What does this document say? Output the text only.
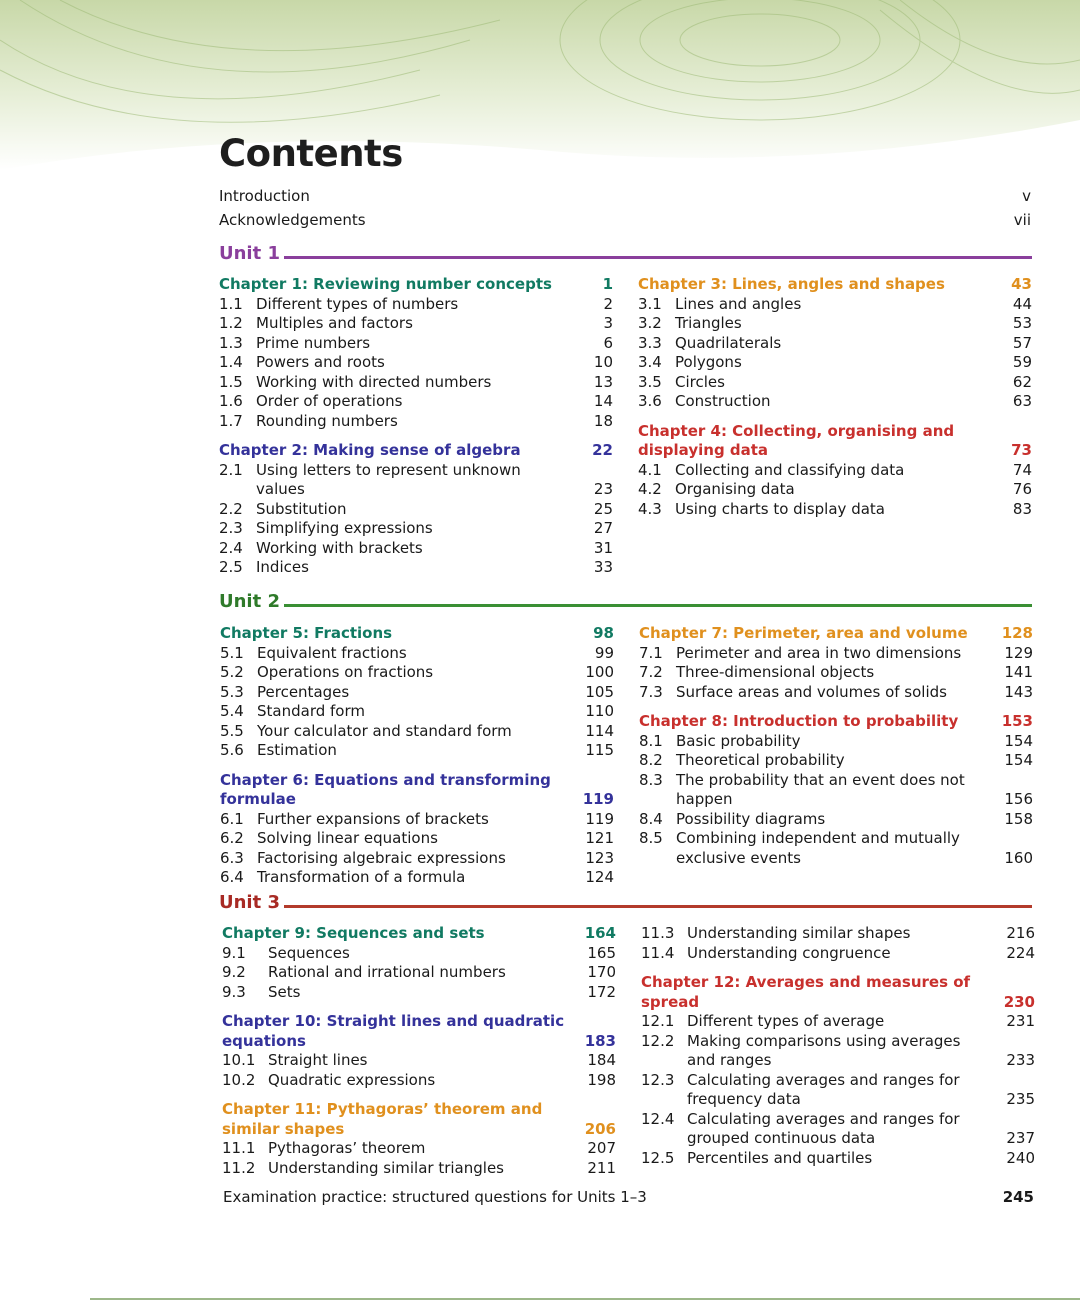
Contents
Introduction	v
Acknowledgements	vii
Unit 1
Chapter 1: Reviewing number concepts	1
1.1 Different types of numbers	2
1.2 Multiples and factors	3
1.3 Prime numbers	6
1.4 Powers and roots	10
1.5 Working with directed numbers	13
1.6 Order of operations	14
1.7 Rounding numbers	18
Chapter 2: Making sense of algebra	22
2.1 Using letters to represent unknown values	23
2.2 Substitution	25
2.3 Simplifying expressions	27
2.4 Working with brackets	31
2.5 Indices	33
Chapter 3: Lines, angles and shapes	43
3.1 Lines and angles	44
3.2 Triangles	53
3.3 Quadrilaterals	57
3.4 Polygons	59
3.5 Circles	62
3.6 Construction	63
Chapter 4: Collecting, organising and displaying data	73
4.1 Collecting and classifying data	74
4.2 Organising data	76
4.3 Using charts to display data	83
Unit 2
Chapter 5: Fractions	98
5.1 Equivalent fractions	99
5.2 Operations on fractions	100
5.3 Percentages	105
5.4 Standard form	110
5.5 Your calculator and standard form	114
5.6 Estimation	115
Chapter 6: Equations and transforming formulae	119
6.1 Further expansions of brackets	119
6.2 Solving linear equations	121
6.3 Factorising algebraic expressions	123
6.4 Transformation of a formula	124
Chapter 7: Perimeter, area and volume	128
7.1 Perimeter and area in two dimensions	129
7.2 Three-dimensional objects	141
7.3 Surface areas and volumes of solids	143
Chapter 8: Introduction to probability	153
8.1 Basic probability	154
8.2 Theoretical probability	154
8.3 The probability that an event does not happen	156
8.4 Possibility diagrams	158
8.5 Combining independent and mutually exclusive events	160
Unit 3
Chapter 9: Sequences and sets	164
9.1	Sequences	165
9.2	Rational and irrational numbers	170
9.3	Sets	172
Chapter 10: Straight lines and quadratic equations	183
10.1 Straight lines	184
10.2 Quadratic expressions	198
Chapter 11: Pythagoras’ theorem and similar shapes	206
11.1 Pythagoras’ theorem	207
11.2 Understanding similar triangles	211
11.3 Understanding similar shapes	216
11.4 Understanding congruence	224
Chapter 12: Averages and measures of spread	230
12.1 Different types of average	231
12.2 Making comparisons using averages and ranges	233
12.3 Calculating averages and ranges for frequency data	235
12.4 Calculating averages and ranges for grouped continuous data	237
12.5 Percentiles and quartiles	240
Examination practice: structured questions for Units 1–3	245
